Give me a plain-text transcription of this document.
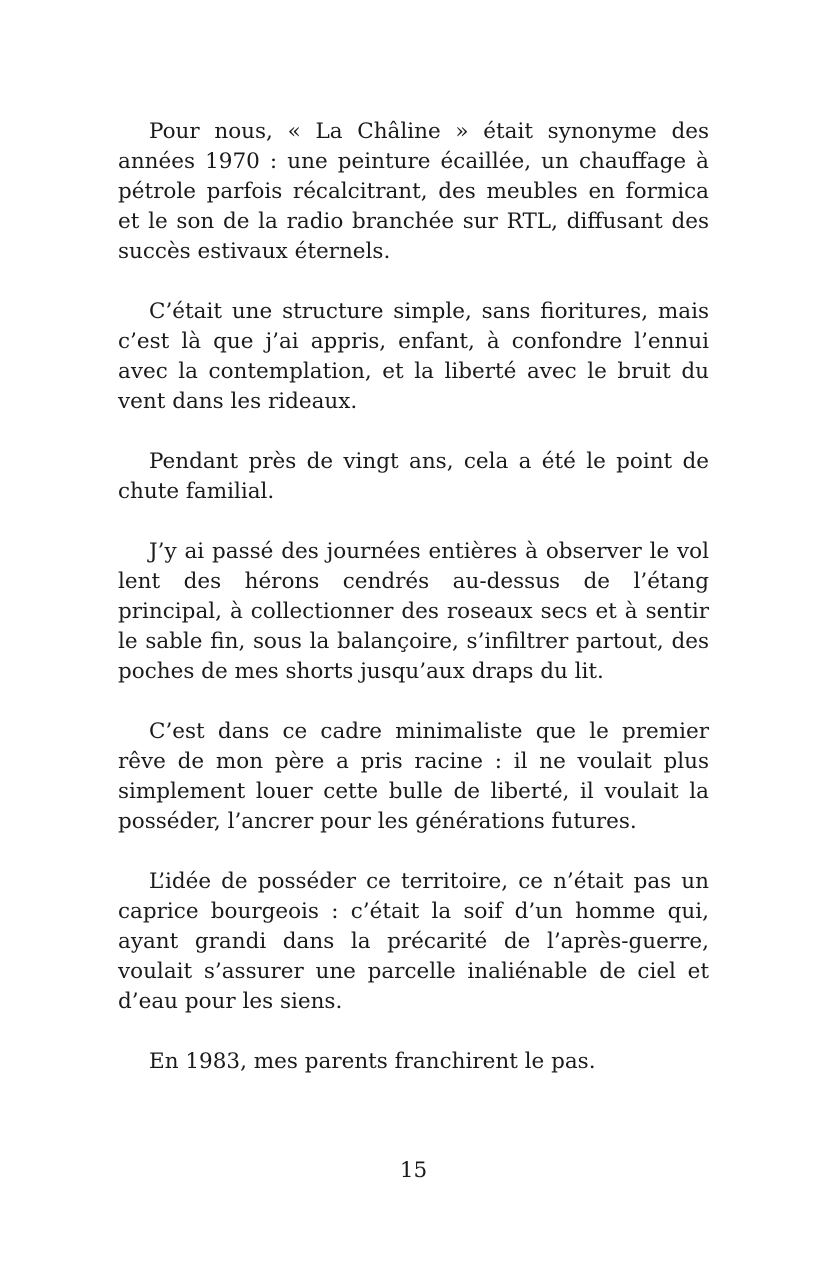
Pour nous, « La Châline » était synonyme des années 1970 : une peinture écaillée, un chauffage à pétrole parfois récalcitrant, des meubles en formica et le son de la radio branchée sur RTL, diffusant des succès estivaux éternels.

C’était une structure simple, sans fioritures, mais c’est là que j’ai appris, enfant, à confondre l’ennui avec la contemplation, et la liberté avec le bruit du vent dans les rideaux.

Pendant près de vingt ans, cela a été le point de chute familial.

J’y ai passé des journées entières à observer le vol lent des hérons cendrés au-dessus de l’étang principal, à collectionner des roseaux secs et à sentir le sable fin, sous la balançoire, s’infiltrer partout, des poches de mes shorts jusqu’aux draps du lit.

C’est dans ce cadre minimaliste que le premier rêve de mon père a pris racine : il ne voulait plus simplement louer cette bulle de liberté, il voulait la posséder, l’ancrer pour les générations futures.

L’idée de posséder ce territoire, ce n’était pas un caprice bourgeois : c’était la soif d’un homme qui, ayant grandi dans la précarité de l’après-guerre, voulait s’assurer une parcelle inaliénable de ciel et d’eau pour les siens.

En 1983, mes parents franchirent le pas.

15
